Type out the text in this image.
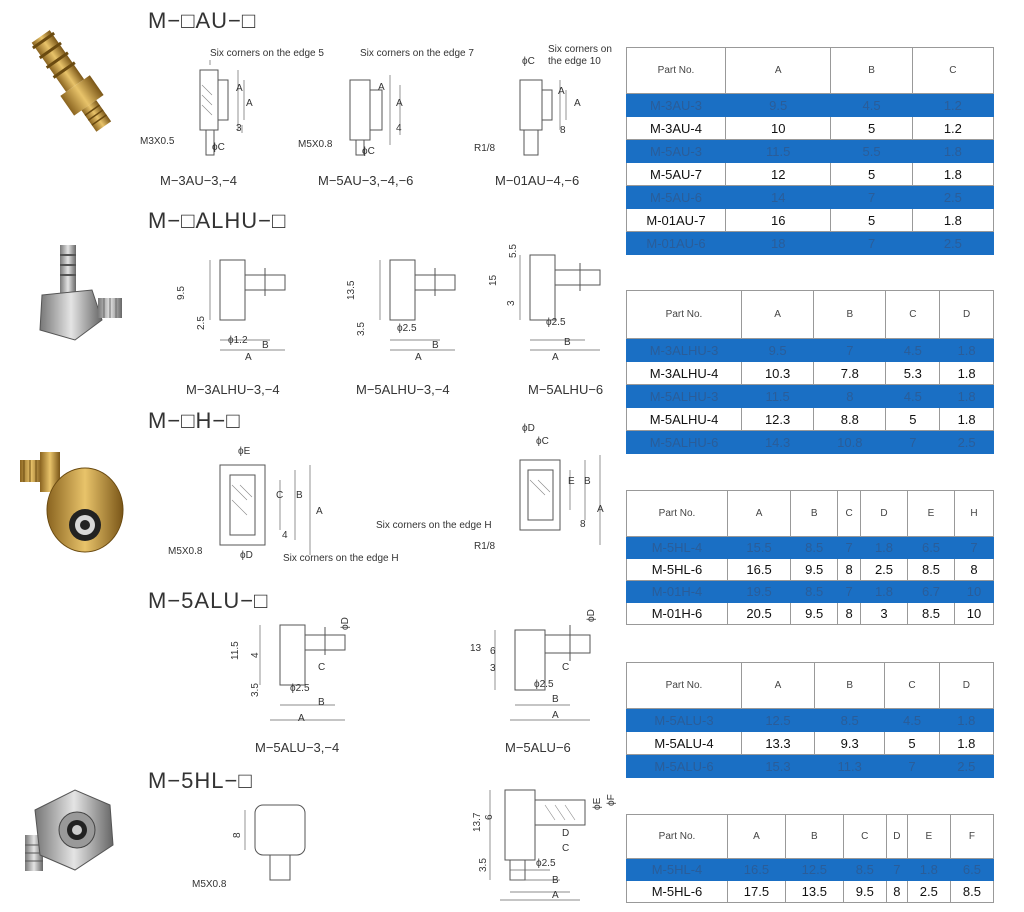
M−□AU−□
M−□ALHU−□
M−□H−□
M−5ALU−□
M−5HL−□
A
A
3
ϕC
M3X0.5
Six corners on the edge 5
A
A
4
ϕC
M5X0.8
Six corners on the edge 7
ϕC
A
A
8
R1/8
Six corners on
the edge 10
M−3AU−3,−4	M−5AU−3,−4,−6	M−01AU−4,−6
ϕ1.2
ϕ2.5
ϕ2.5
B
A
B
A
B
A
9.5
2.5
13.5
3.5
15
3
5.5
M−3ALHU−3,−4	M−5ALHU−3,−4	M−5ALHU−6
ϕE
C B
A
4
ϕD
M5X0.8
Six corners on the edge H
ϕD
ϕC
E B
A
8
Six corners on the edge H
R1/8
11.5 4
3.5	ϕ2.5
C
B
A
ϕD
M−5ALU−3,−4
13 6
3
ϕ2.5
C
B
A
ϕD
M−5ALU−6
8
M5X0.8
13.7 6
3.5	ϕ2.5
D
C
B
A
ϕE ϕF
Part No.	A	B	C
M-3AU-3	9.5	4.5	1.2
M-3AU-4	10	5	1.2
M-5AU-3	11.5	5.5	1.8
M-5AU-7	12	5	1.8
M-5AU-6	14	7	2.5
M-01AU-7	16	5	1.8
M-01AU-6	18	7	2.5
Part No.	A	B	C	D
M-3ALHU-3	9.5	7	4.5	1.8
M-3ALHU-4	10.3	7.8	5.3	1.8
M-5ALHU-3	11.5	8	4.5	1.8
M-5ALHU-4	12.3	8.8	5	1.8
M-5ALHU-6	14.3	10.8	7	2.5
Part No.	A	B	C	D	E	H
M-5HL-4	15.5	8.5	7	1.8	6.5	7
M-5HL-6	16.5	9.5	8	2.5	8.5	8
M-01H-4	19.5	8.5	7	1.8	6.7	10
M-01H-6	20.5	9.5	8	3	8.5	10
Part No.	A	B	C	D
M-5ALU-3	12.5	8.5	4.5	1.8
M-5ALU-4	13.3	9.3	5	1.8
M-5ALU-6	15.3	11.3	7	2.5
Part No.	A	B	C	D	E	F
M-5HL-4	16.5	12.5	8.5	7	1.8	6.5
M-5HL-6	17.5	13.5	9.5	8	2.5	8.5
